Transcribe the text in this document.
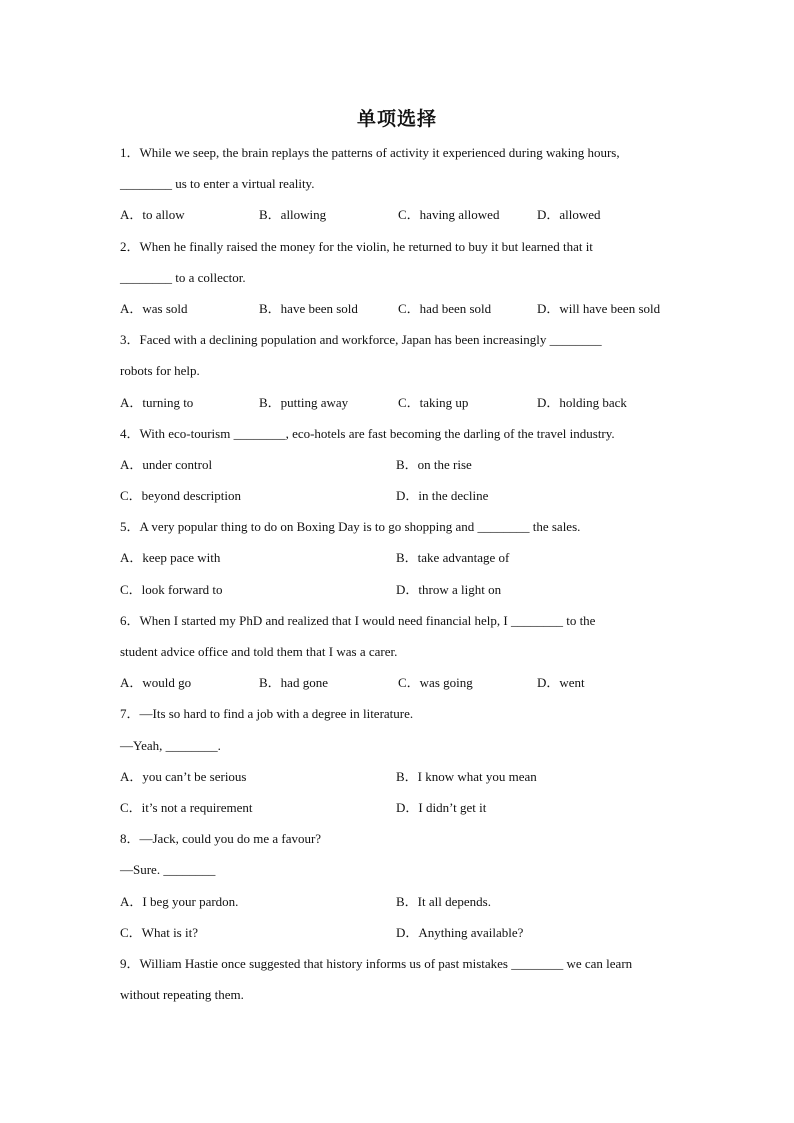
单项选择
1．While we seep, the brain replays the patterns of activity it experienced during waking hours,
________ us to enter a virtual reality.
A．to allow	B．allowing	C．having allowed	D．allowed
2．When he finally raised the money for the violin, he returned to buy it but learned that it
________ to a collector.
A．was sold	B．have been sold	C．had been sold	D．will have been sold
3．Faced with a declining population and workforce, Japan has been increasingly ________
robots for help.
A．turning to	B．putting away	C．taking up	D．holding back
4．With eco-tourism ________, eco-hotels are fast becoming the darling of the travel industry.
A．under control	B．on the rise
C．beyond description	D．in the decline
5．A very popular thing to do on Boxing Day is to go shopping and ________ the sales.
A．keep pace with	B．take advantage of
C．look forward to	D．throw a light on
6．When I started my PhD and realized that I would need financial help, I ________ to the
student advice office and told them that I was a carer.
A．would go	B．had gone	C．was going	D．went
7．—Its so hard to find a job with a degree in literature.
—Yeah, ________.
A．you can’t be serious	B．I know what you mean
C．it’s not a requirement	D．I didn’t get it
8．—Jack, could you do me a favour?
—Sure. ________
A．I beg your pardon.	B．It all depends.
C．What is it?	D．Anything available?
9．William Hastie once suggested that history informs us of past mistakes ________ we can learn
without repeating them.
